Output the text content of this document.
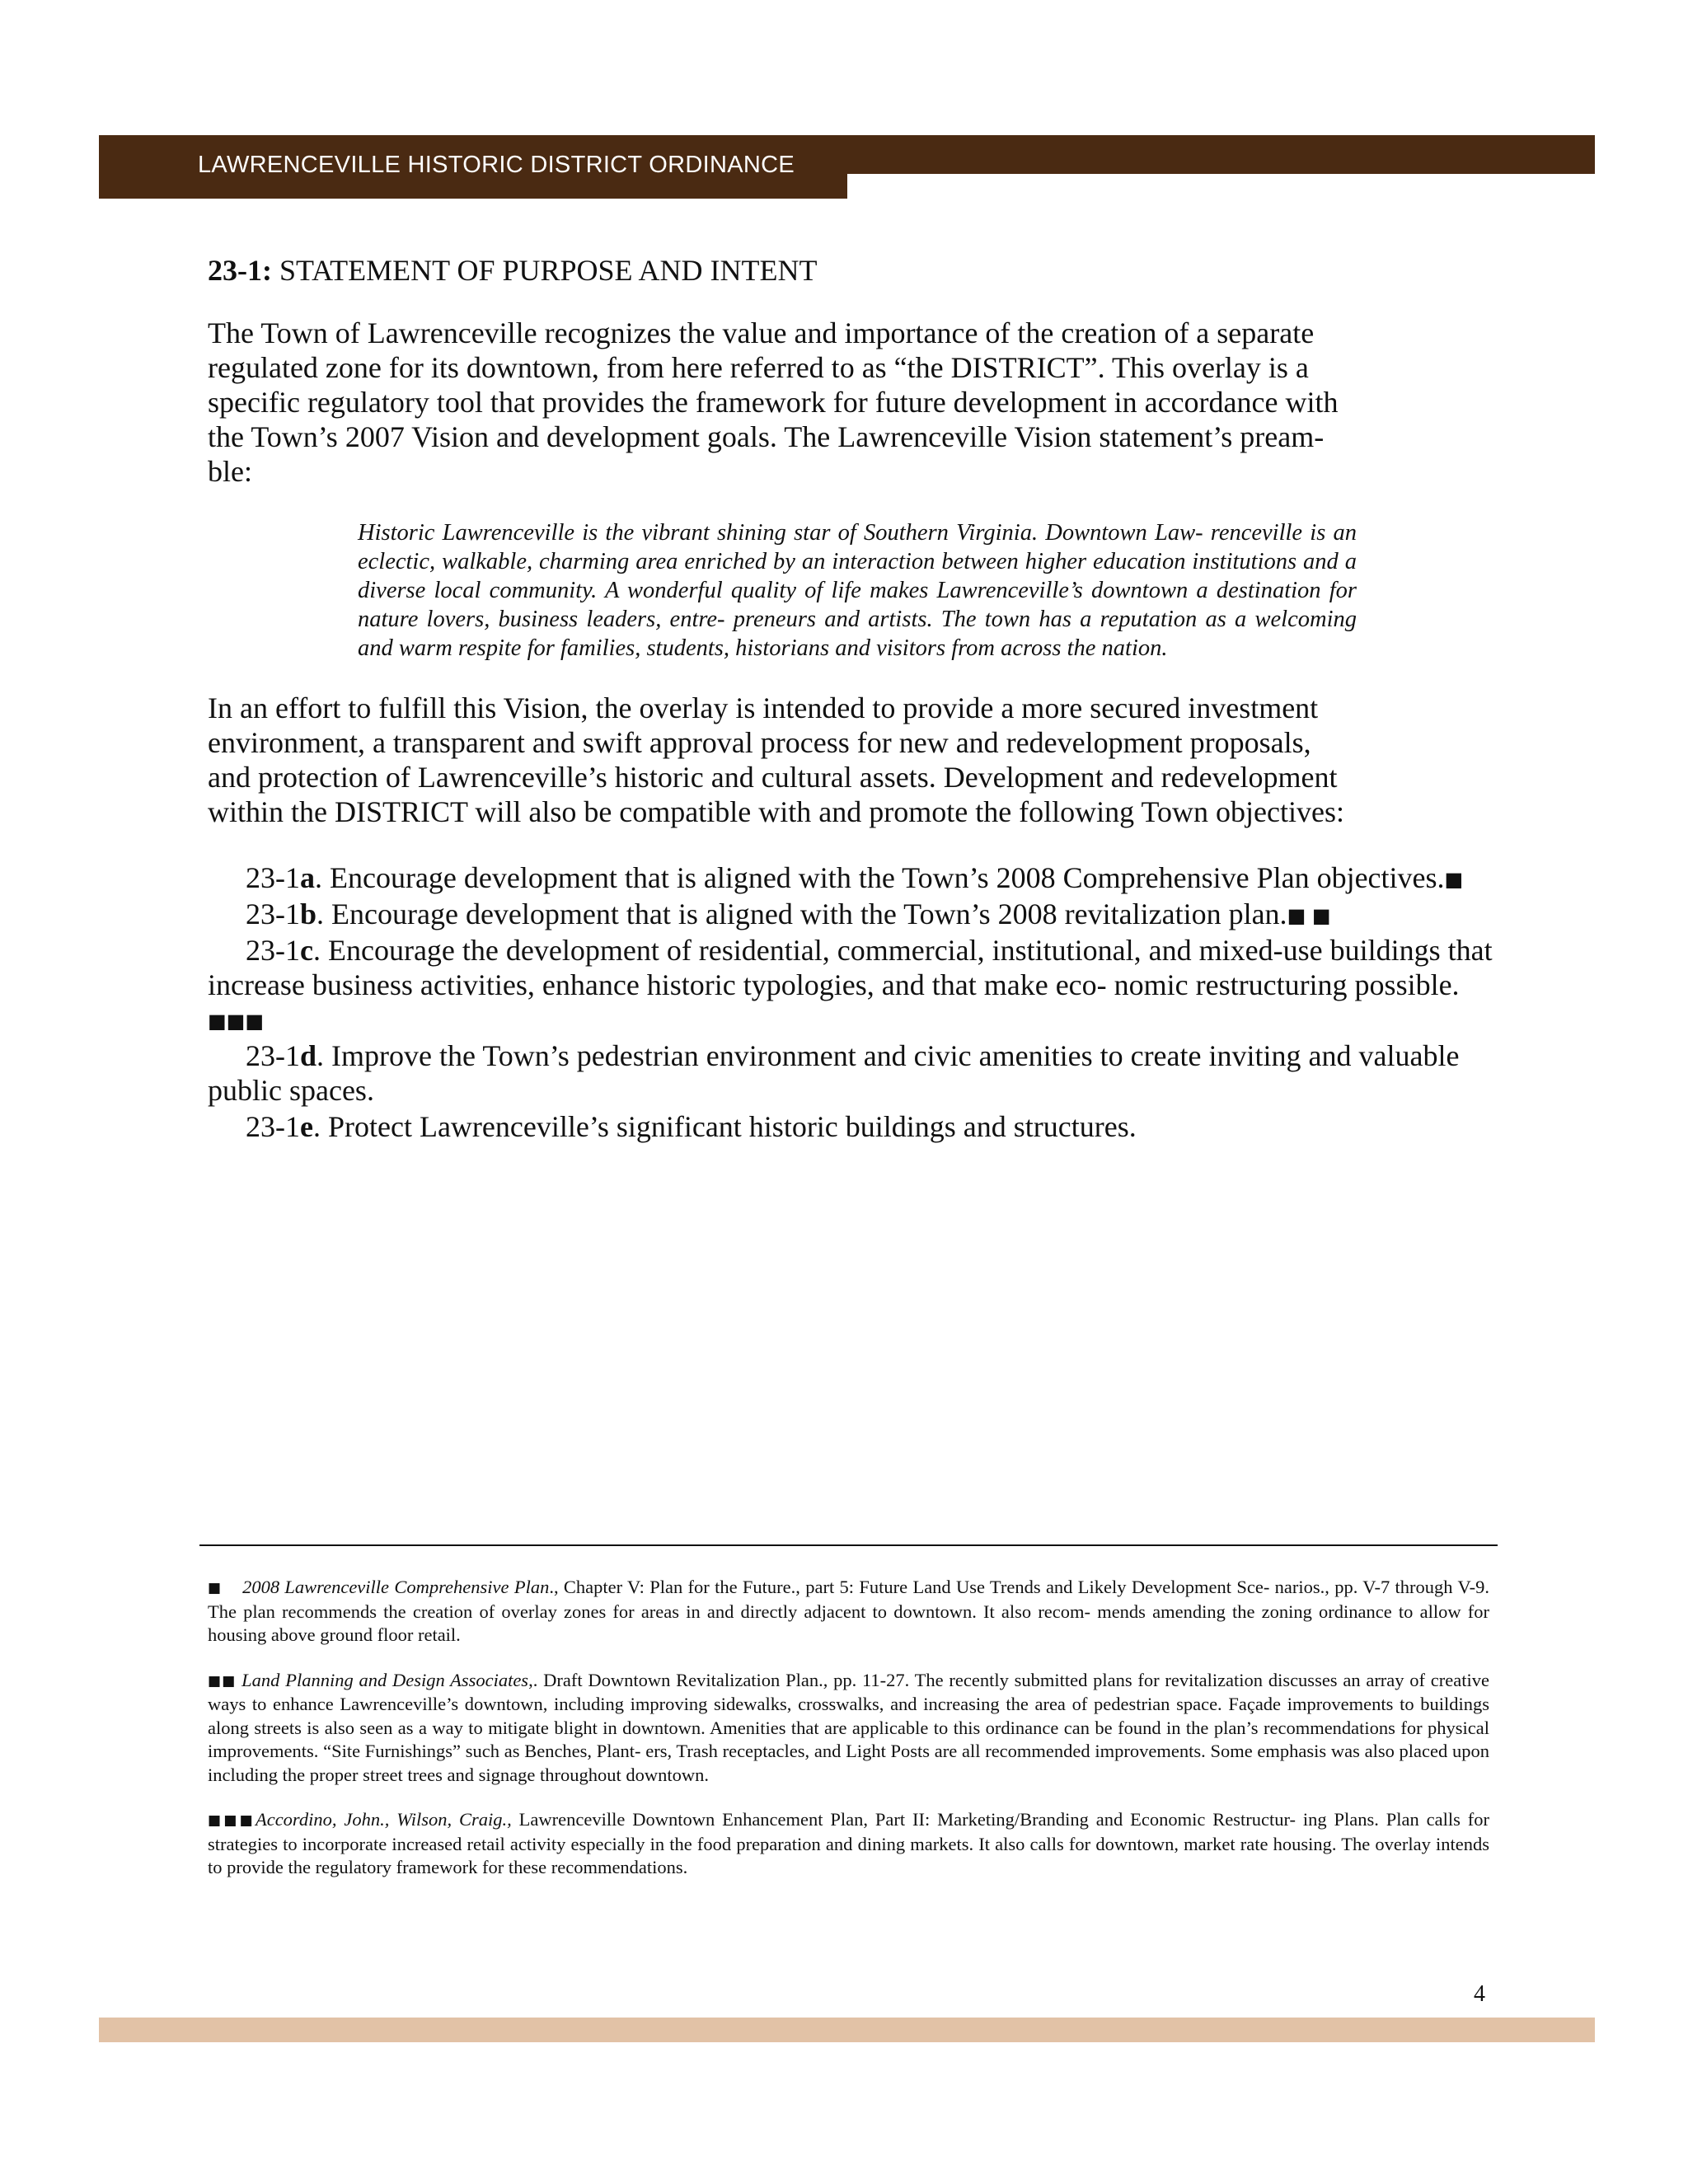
LAWRENCEVILLE HISTORIC DISTRICT ORDINANCE

23-1: STATEMENT OF PURPOSE AND INTENT

The Town of Lawrenceville recognizes the value and importance of the creation of a separate
regulated zone for its downtown, from here referred to as “the DISTRICT”. This overlay is a
specific regulatory tool that provides the framework for future development in accordance with
the Town’s 2007 Vision and development goals. The Lawrenceville Vision statement’s pream-
ble:

Historic Lawrenceville is the vibrant shining star of Southern Virginia. Downtown Law- renceville is an eclectic, walkable, charming area enriched by an interaction between higher education institutions and a diverse local community. A wonderful quality of life makes Lawrenceville’s downtown a destination for nature lovers, business leaders, entre- preneurs and artists. The town has a reputation as a welcoming and warm respite for families, students, historians and visitors from across the nation.

In an effort to fulfill this Vision, the overlay is intended to provide a more secured investment
environment, a transparent and swift approval process for new and redevelopment proposals,
and protection of Lawrenceville’s historic and cultural assets. Development and redevelopment
within the DISTRICT will also be compatible with and promote the following Town objectives:

23-1a. Encourage development that is aligned with the Town’s 2008 Comprehensive Plan objectives.■

23-1b. Encourage development that is aligned with the Town’s 2008 revitalization plan.■ ■

23-1c. Encourage the development of residential, commercial, institutional, and mixed-use buildings that increase business activities, enhance historic typologies, and that make eco- nomic restructuring possible. ■■■

23-1d. Improve the Town’s pedestrian environment and civic amenities to create inviting and valuable public spaces.

23-1e. Protect Lawrenceville’s significant historic buildings and structures.

■ 2008 Lawrenceville Comprehensive Plan., Chapter V: Plan for the Future., part 5: Future Land Use Trends and Likely Development Sce- narios., pp. V-7 through V-9. The plan recommends the creation of overlay zones for areas in and directly adjacent to downtown. It also recom- mends amending the zoning ordinance to allow for housing above ground floor retail.

■■ Land Planning and Design Associates,. Draft Downtown Revitalization Plan., pp. 11-27. The recently submitted plans for revitalization discusses an array of creative ways to enhance Lawrenceville’s downtown, including improving sidewalks, crosswalks, and increasing the area of pedestrian space. Façade improvements to buildings along streets is also seen as a way to mitigate blight in downtown. Amenities that are applicable to this ordinance can be found in the plan’s recommendations for physical improvements. “Site Furnishings” such as Benches, Plant- ers, Trash receptacles, and Light Posts are all recommended improvements. Some emphasis was also placed upon including the proper street trees and signage throughout downtown.

■■■Accordino, John., Wilson, Craig., Lawrenceville Downtown Enhancement Plan, Part II: Marketing/Branding and Economic Restructur- ing Plans. Plan calls for strategies to incorporate increased retail activity especially in the food preparation and dining markets. It also calls for downtown, market rate housing. The overlay intends to provide the regulatory framework for these recommendations.

4
